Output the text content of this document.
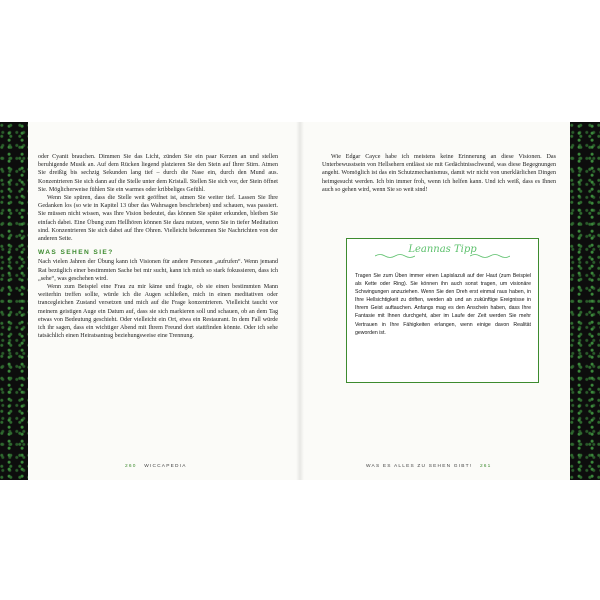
oder Cyanit brauchen. Dimmen Sie das Licht, zünden Sie ein paar Kerzen an und stellen beruhigende Musik an. Auf dem Rücken liegend platzieren Sie den Stein auf Ihrer Stirn. Atmen Sie dreißig bis sechzig Sekunden lang tief – durch die Nase ein, durch den Mund aus. Konzentrieren Sie sich dann auf die Stelle unter dem Kristall. Stellen Sie sich vor, der Stein öffnet Sie. Möglicherweise fühlen Sie ein warmes oder kribbeliges Gefühl.

Wenn Sie spüren, dass die Stelle weit geöffnet ist, atmen Sie weiter tief. Lassen Sie Ihre Gedanken los (so wie in Kapitel 13 über das Wahrsagen beschrieben) und schauen, was passiert. Sie müssen nicht wissen, was Ihre Vision bedeutet, das können Sie später erkunden, bleiben Sie einfach dabei. Eine Übung zum Hellhören können Sie dazu nutzen, wenn Sie in tiefer Meditation sind. Konzentrieren Sie sich dabei auf Ihre Ohren. Vielleicht bekommen Sie Nachrichten von der anderen Seite.

WAS SEHEN SIE?

Nach vielen Jahren der Übung kann ich Visionen für andere Personen „aufrufen“. Wenn jemand Rat bezüglich einer bestimmten Sache bei mir sucht, kann ich mich so stark fokussieren, dass ich „sehe“, was geschehen wird.

Wenn zum Beispiel eine Frau zu mir käme und fragte, ob sie einen bestimmten Mann weiterhin treffen sollte, würde ich die Augen schließen, mich in einen meditativen oder trancegleichen Zustand versetzen und mich auf die Frage konzentrieren. Vielleicht taucht vor meinem geistigen Auge ein Datum auf, dass sie sich markieren soll und schauen, ob an dem Tag etwas von Bedeutung geschieht. Oder vielleicht ein Ort, etwa ein Restaurant. In dem Fall würde ich ihr sagen, dass ein wichtiger Abend mit Ihrem Freund dort stattfinden könnte. Oder ich sehe tatsächlich einen Heiratsantrag beziehungsweise eine Trennung.

260 WICCAPEDIA

Wie Edgar Cayce habe ich meistens keine Erinnerung an diese Visionen. Das Unterbewusstsein von Hellsehern entlässt sie mit Gedächtnisschwund, was diese Begegnungen angeht. Womöglich ist das ein Schutzmechanismus, damit wir nicht von unerklärlichen Dingen heimgesucht werden. Ich bin immer froh, wenn ich helfen kann. Und ich weiß, dass es Ihnen auch so gehen wird, wenn Sie so weit sind!

Leannas Tipp
Tragen Sie zum Üben immer einen Lapislazuli auf der Haut (zum Beispiel als Kette oder Ring). Sie können ihn auch sonst tragen, um visionäre Schwingungen anzuziehen. Wenn Sie den Dreh erst einmal raus haben, in Ihre Hellsichtigkeit zu driften, werden ab und an zukünftige Ereignisse in Ihrem Geist auftauchen. Anfangs mag es den Anschein haben, dass Ihre Fantasie mit Ihnen durchgeht, aber im Laufe der Zeit werden Sie mehr Vertrauen in Ihre Fähigkeiten erlangen, wenn einige davon Realität geworden ist.
WAS ES ALLES ZU SEHEN GIBT! 261
